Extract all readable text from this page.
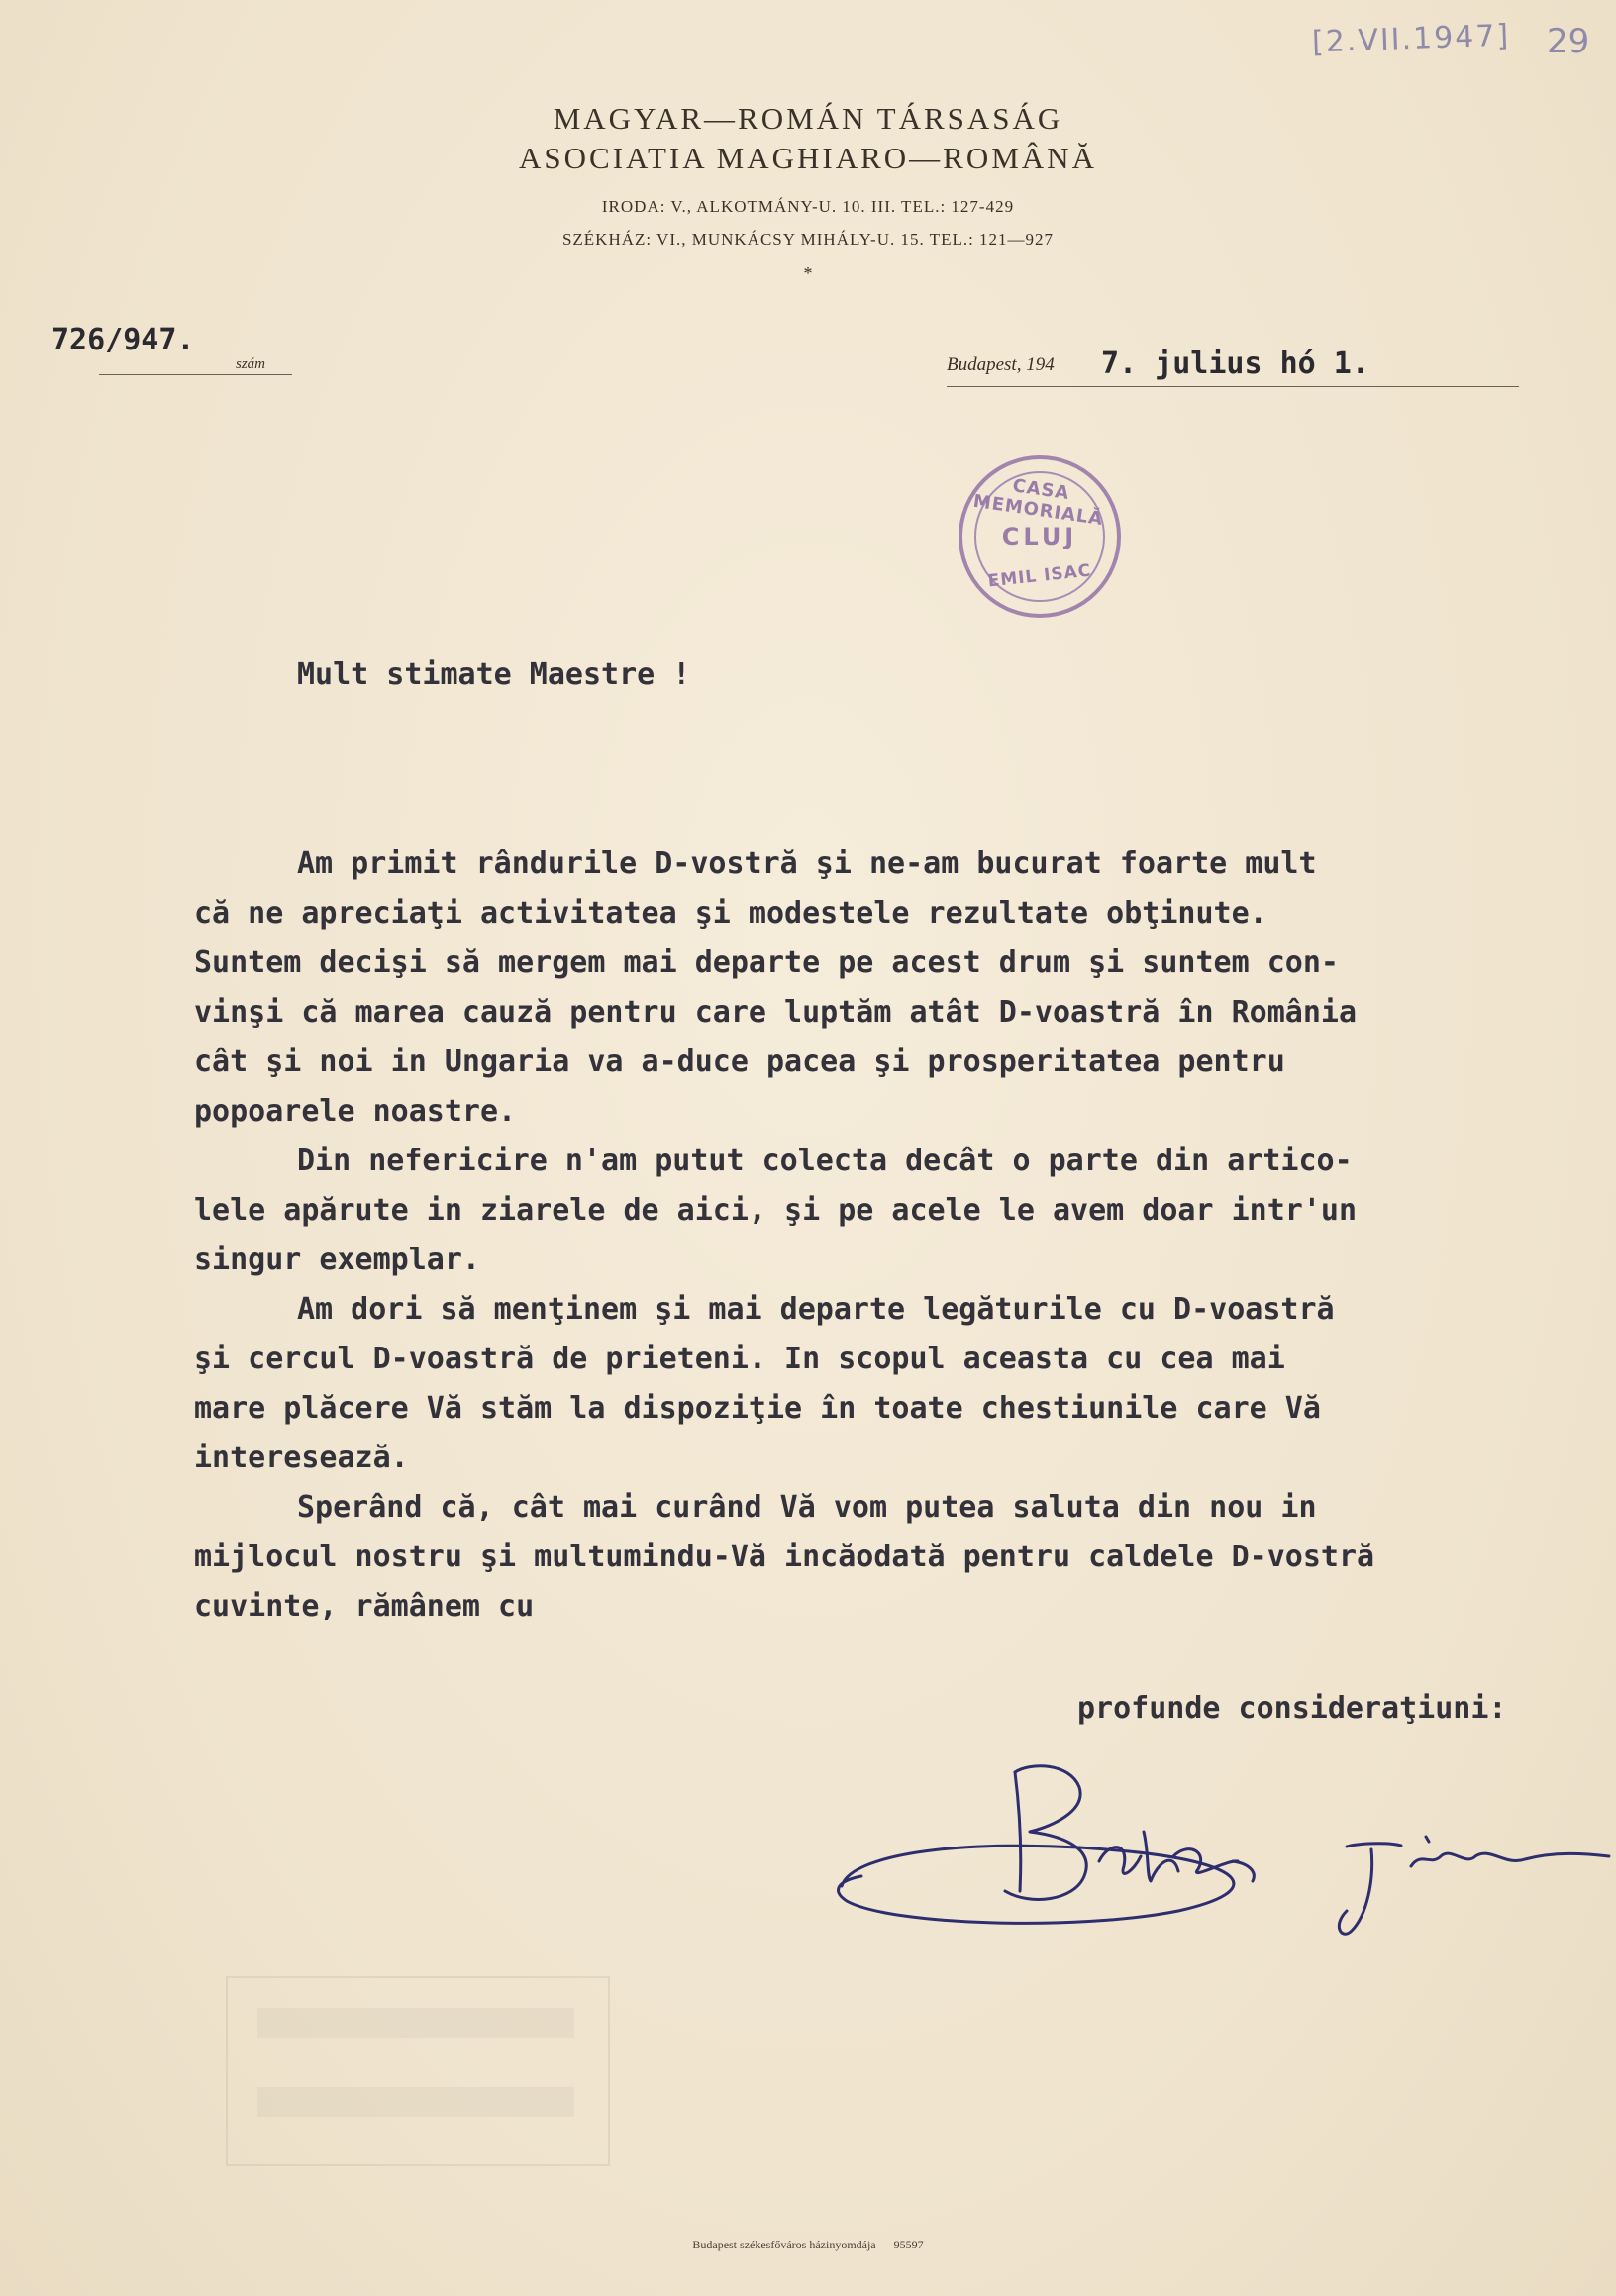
[2.VII.1947] 29

MAGYAR—ROMÁN TÁRSASÁG

ASOCIATIA MAGHIARO—ROMÂNĂ

IRODA: V., ALKOTMÁNY-U. 10. III. TEL.: 127-429

SZÉKHÁZ: VI., MUNKÁCSY MIHÁLY-U. 15. TEL.: 121—927

*
726/947.
szám	Budapest, 194 7. julius hó 1.
CASA MEMORIALĂ
CLUJ
EMIL ISAC
Mult stimate Maestre !
Am primit rândurile D-vostră şi ne-am bucurat foarte mult
că ne apreciaţi activitatea şi modestele rezultate obţinute.
Suntem decişi să mergem mai departe pe acest drum şi suntem con-
vinşi că marea cauză pentru care luptăm atât D-voastră în România
cât şi noi in Ungaria va a-duce pacea şi prosperitatea pentru
popoarele noastre.
Din nefericire n'am putut colecta decât o parte din artico-
lele apărute in ziarele de aici, şi pe acele le avem doar intr'un
singur exemplar.
Am dori să menţinem şi mai departe legăturile cu D-voastră
şi cercul D-voastră de prieteni. In scopul aceasta cu cea mai
mare plăcere Vă stăm la dispoziţie în toate chestiunile care Vă
interesează.
Sperând că, cât mai curând Vă vom putea saluta din nou in
mijlocul nostru şi multumindu-Vă incăodată pentru caldele D-vostră
cuvinte, rămânem cu
profunde consideraţiuni:
Budapest székesfőváros házinyomdája — 95597
